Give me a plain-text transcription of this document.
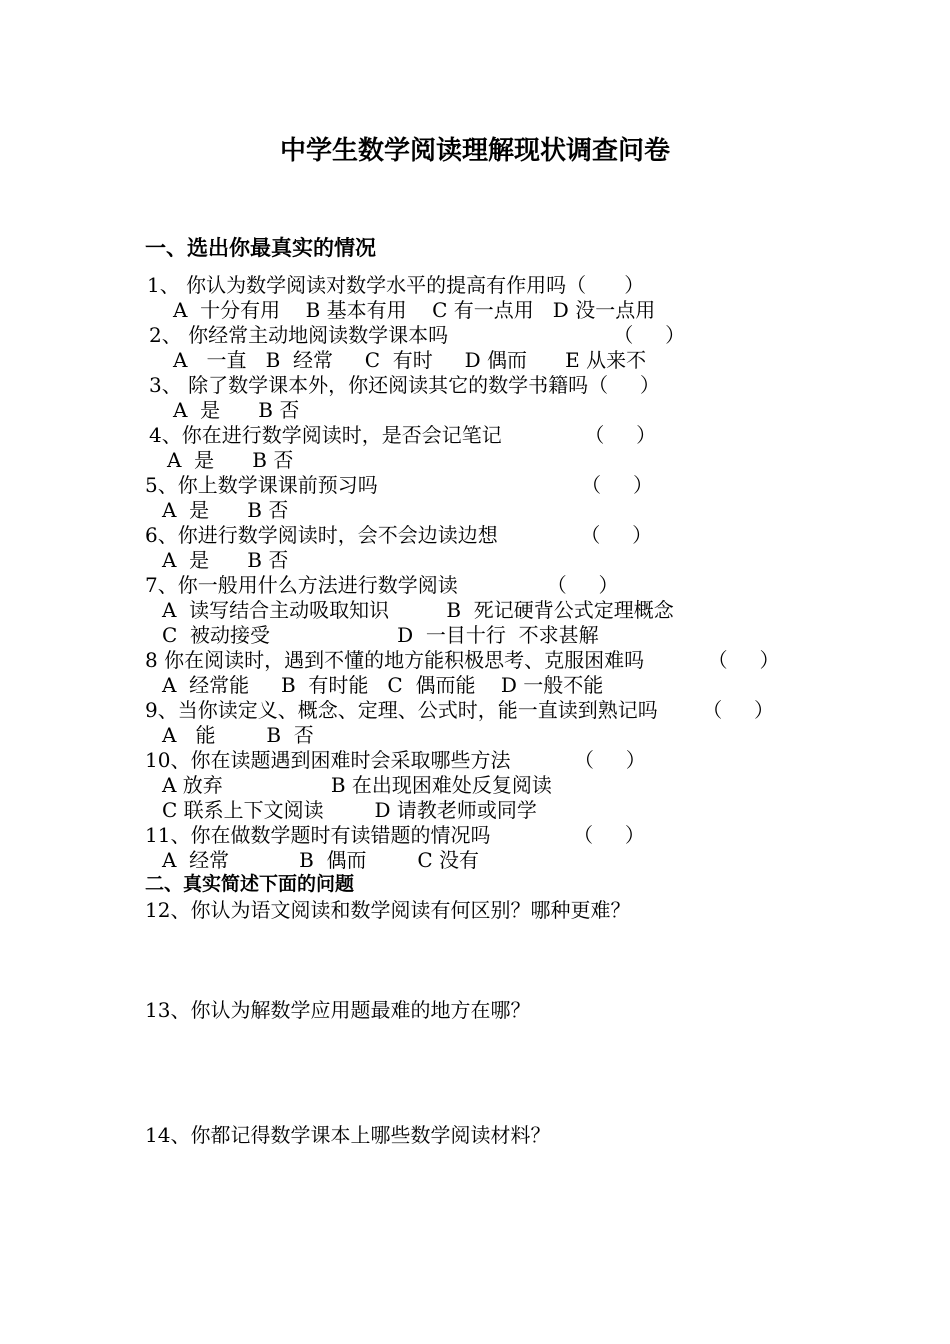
中学生数学阅读理解现状调查问卷
一、选出你最真实的情况
1、 你认为数学阅读对数学水平的提高有作用吗（      ）
A  十分有用    B 基本有用    C 有一点用   D 没一点用
2、 你经常主动地阅读数学课本吗                          （     ）
A   一直   B  经常     C  有时     D 偶而      E 从来不
3、 除了数学课本外，你还阅读其它的数学书籍吗（     ）
A  是      B 否
4、你在进行数学阅读时，是否会记笔记             （     ）
A  是      B 否
5、你上数学课课前预习吗                                （     ）
A  是      B 否
6、你进行数学阅读时，会不会边读边想             （     ）
A  是      B 否
7、你一般用什么方法进行数学阅读              （     ）
A  读写结合主动吸取知识         B  死记硬背公式定理概念
C  被动接受                    D  一目十行  不求甚解
8 你在阅读时，遇到不懂的地方能积极思考、克服困难吗          （     ）
A  经常能     B  有时能   C  偶而能    D 一般不能
9、当你读定义、概念、定理、公式时，能一直读到熟记吗       （     ）
A   能        B  否
10、你在读题遇到困难时会采取哪些方法          （     ）
A 放弃                 B 在出现困难处反复阅读
C 联系上下文阅读        D 请教老师或同学
11、你在做数学题时有读错题的情况吗             （     ）
A  经常           B  偶而        C 没有
二、真实简述下面的问题
12、你认为语文阅读和数学阅读有何区别？哪种更难？
13、你认为解数学应用题最难的地方在哪？
14、你都记得数学课本上哪些数学阅读材料？
